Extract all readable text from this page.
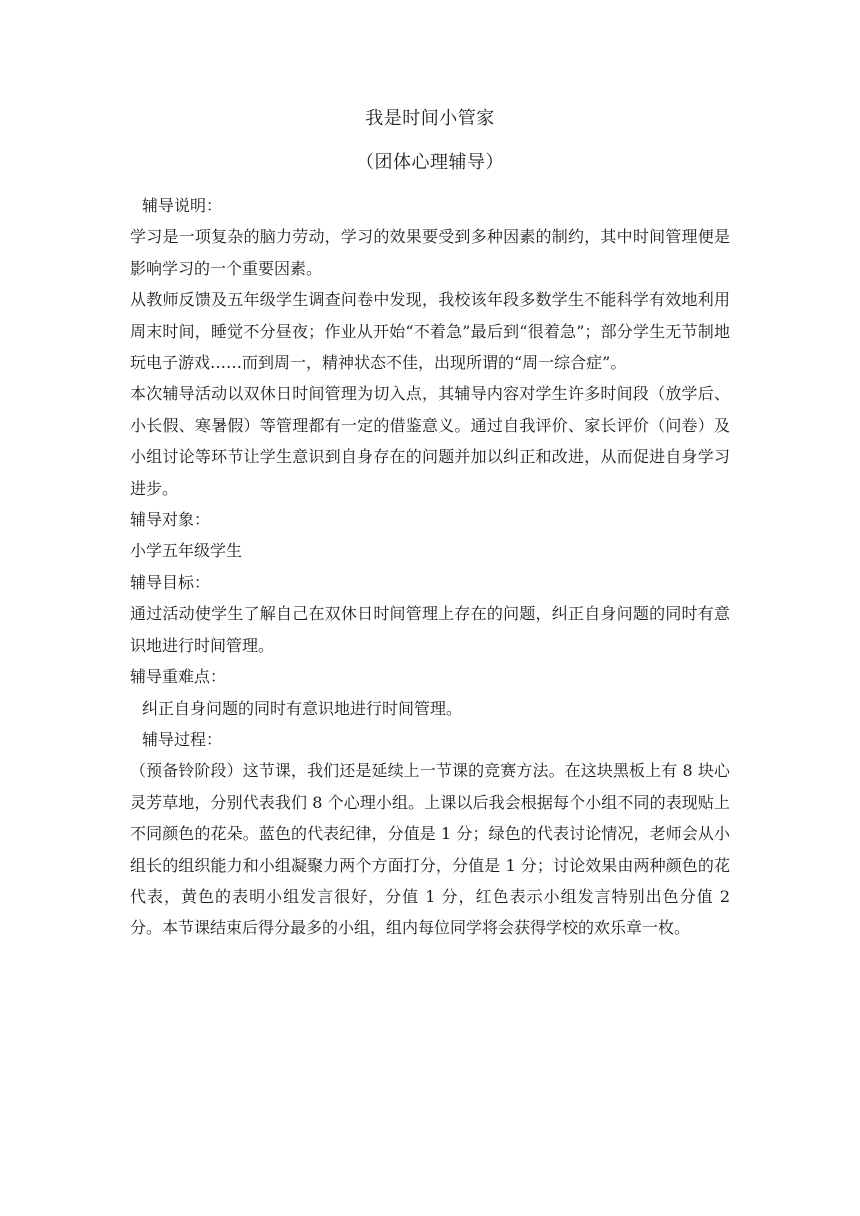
我是时间小管家
（团体心理辅导）

辅导说明：

学习是一项复杂的脑力劳动，学习的效果要受到多种因素的制约，其中时间管理便是影响学习的一个重要因素。

从教师反馈及五年级学生调查问卷中发现，我校该年段多数学生不能科学有效地利用周末时间，睡觉不分昼夜；作业从开始“不着急”最后到“很着急”；部分学生无节制地玩电子游戏……而到周一，精神状态不佳，出现所谓的“周一综合症”。

本次辅导活动以双休日时间管理为切入点，其辅导内容对学生许多时间段（放学后、小长假、寒暑假）等管理都有一定的借鉴意义。通过自我评价、家长评价（问卷）及小组讨论等环节让学生意识到自身存在的问题并加以纠正和改进，从而促进自身学习进步。

辅导对象：

小学五年级学生

辅导目标：

通过活动使学生了解自己在双休日时间管理上存在的问题，纠正自身问题的同时有意识地进行时间管理。

辅导重难点：

纠正自身问题的同时有意识地进行时间管理。

辅导过程：

（预备铃阶段）这节课，我们还是延续上一节课的竞赛方法。在这块黑板上有 8 块心灵芳草地，分别代表我们 8 个心理小组。上课以后我会根据每个小组不同的表现贴上不同颜色的花朵。蓝色的代表纪律，分值是 1 分；绿色的代表讨论情况，老师会从小组长的组织能力和小组凝聚力两个方面打分，分值是 1 分；讨论效果由两种颜色的花代表，黄色的表明小组发言很好，分值 1 分，红色表示小组发言特别出色分值 2 分。本节课结束后得分最多的小组，组内每位同学将会获得学校的欢乐章一枚。
